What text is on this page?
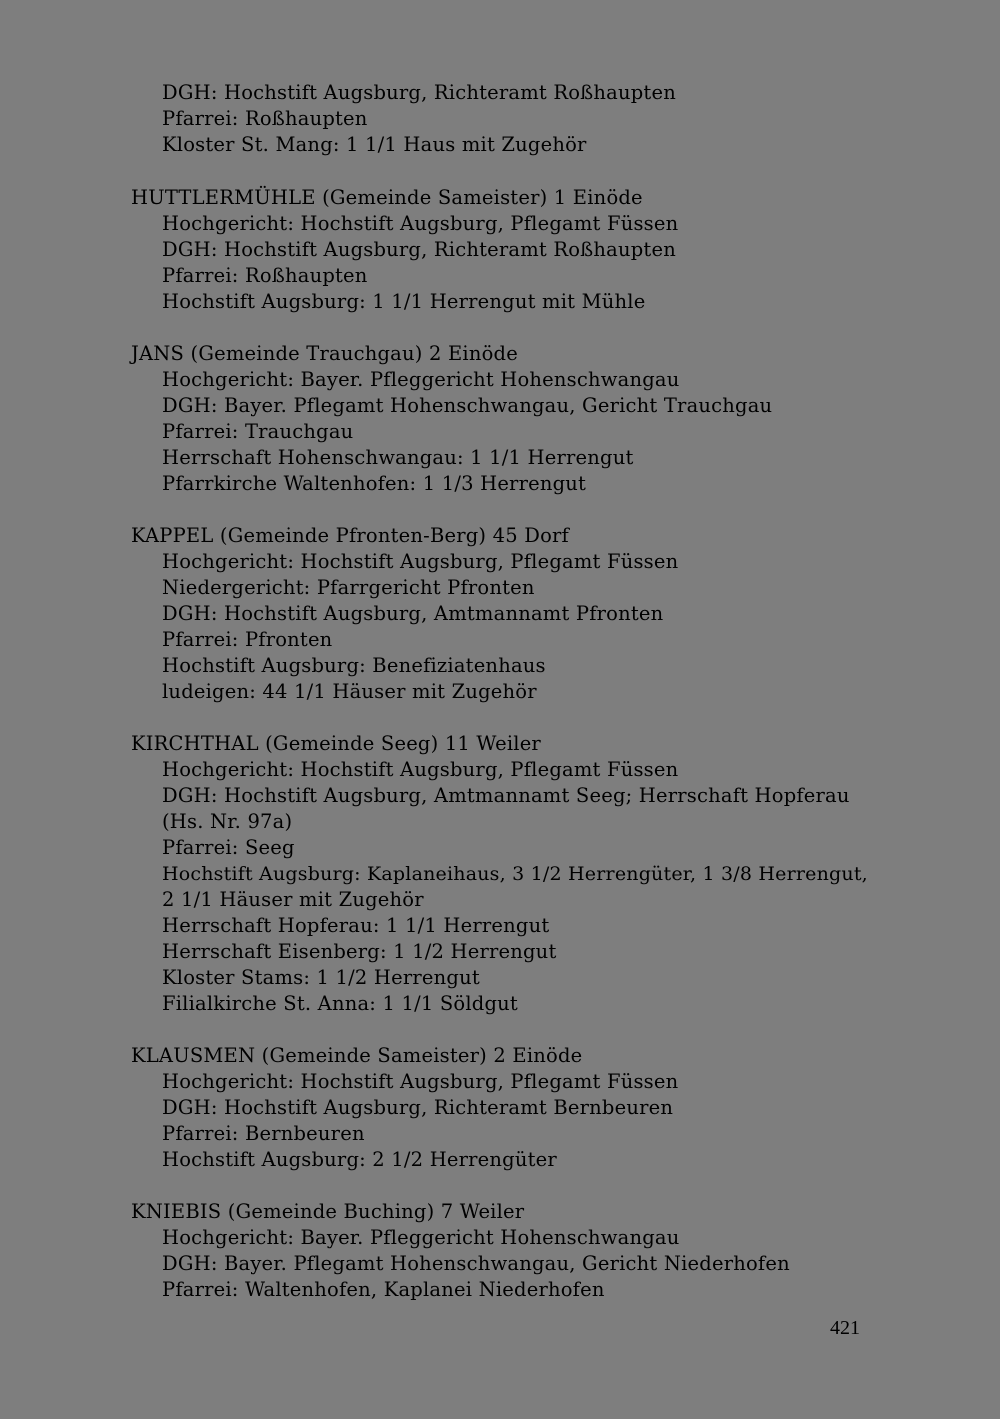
DGH: Hochstift Augsburg, Richteramt Roßhaupten
Pfarrei: Roßhaupten
Kloster St. Mang: 1 1/1 Haus mit Zugehör
HUTTLERMÜHLE (Gemeinde Sameister) 1 Einöde
Hochgericht: Hochstift Augsburg, Pflegamt Füssen
DGH: Hochstift Augsburg, Richteramt Roßhaupten
Pfarrei: Roßhaupten
Hochstift Augsburg: 1 1/1 Herrengut mit Mühle
JANS (Gemeinde Trauchgau) 2 Einöde
Hochgericht: Bayer. Pfleggericht Hohenschwangau
DGH: Bayer. Pflegamt Hohenschwangau, Gericht Trauchgau
Pfarrei: Trauchgau
Herrschaft Hohenschwangau: 1 1/1 Herrengut
Pfarrkirche Waltenhofen: 1 1/3 Herrengut
KAPPEL (Gemeinde Pfronten-Berg) 45 Dorf
Hochgericht: Hochstift Augsburg, Pflegamt Füssen
Niedergericht: Pfarrgericht Pfronten
DGH: Hochstift Augsburg, Amtmannamt Pfronten
Pfarrei: Pfronten
Hochstift Augsburg: Benefiziatenhaus
ludeigen: 44 1/1 Häuser mit Zugehör
KIRCHTHAL (Gemeinde Seeg) 11 Weiler
Hochgericht: Hochstift Augsburg, Pflegamt Füssen
DGH: Hochstift Augsburg, Amtmannamt Seeg; Herrschaft Hopferau
(Hs. Nr. 97a)
Pfarrei: Seeg
Hochstift Augsburg: Kaplaneihaus, 3 1/2 Herrengüter, 1 3/8 Herrengut,
2 1/1 Häuser mit Zugehör
Herrschaft Hopferau: 1 1/1 Herrengut
Herrschaft Eisenberg: 1 1/2 Herrengut
Kloster Stams: 1 1/2 Herrengut
Filialkirche St. Anna: 1 1/1 Söldgut
KLAUSMEN (Gemeinde Sameister) 2 Einöde
Hochgericht: Hochstift Augsburg, Pflegamt Füssen
DGH: Hochstift Augsburg, Richteramt Bernbeuren
Pfarrei: Bernbeuren
Hochstift Augsburg: 2 1/2 Herrengüter
KNIEBIS (Gemeinde Buching) 7 Weiler
Hochgericht: Bayer. Pfleggericht Hohenschwangau
DGH: Bayer. Pflegamt Hohenschwangau, Gericht Niederhofen
Pfarrei: Waltenhofen, Kaplanei Niederhofen
421
